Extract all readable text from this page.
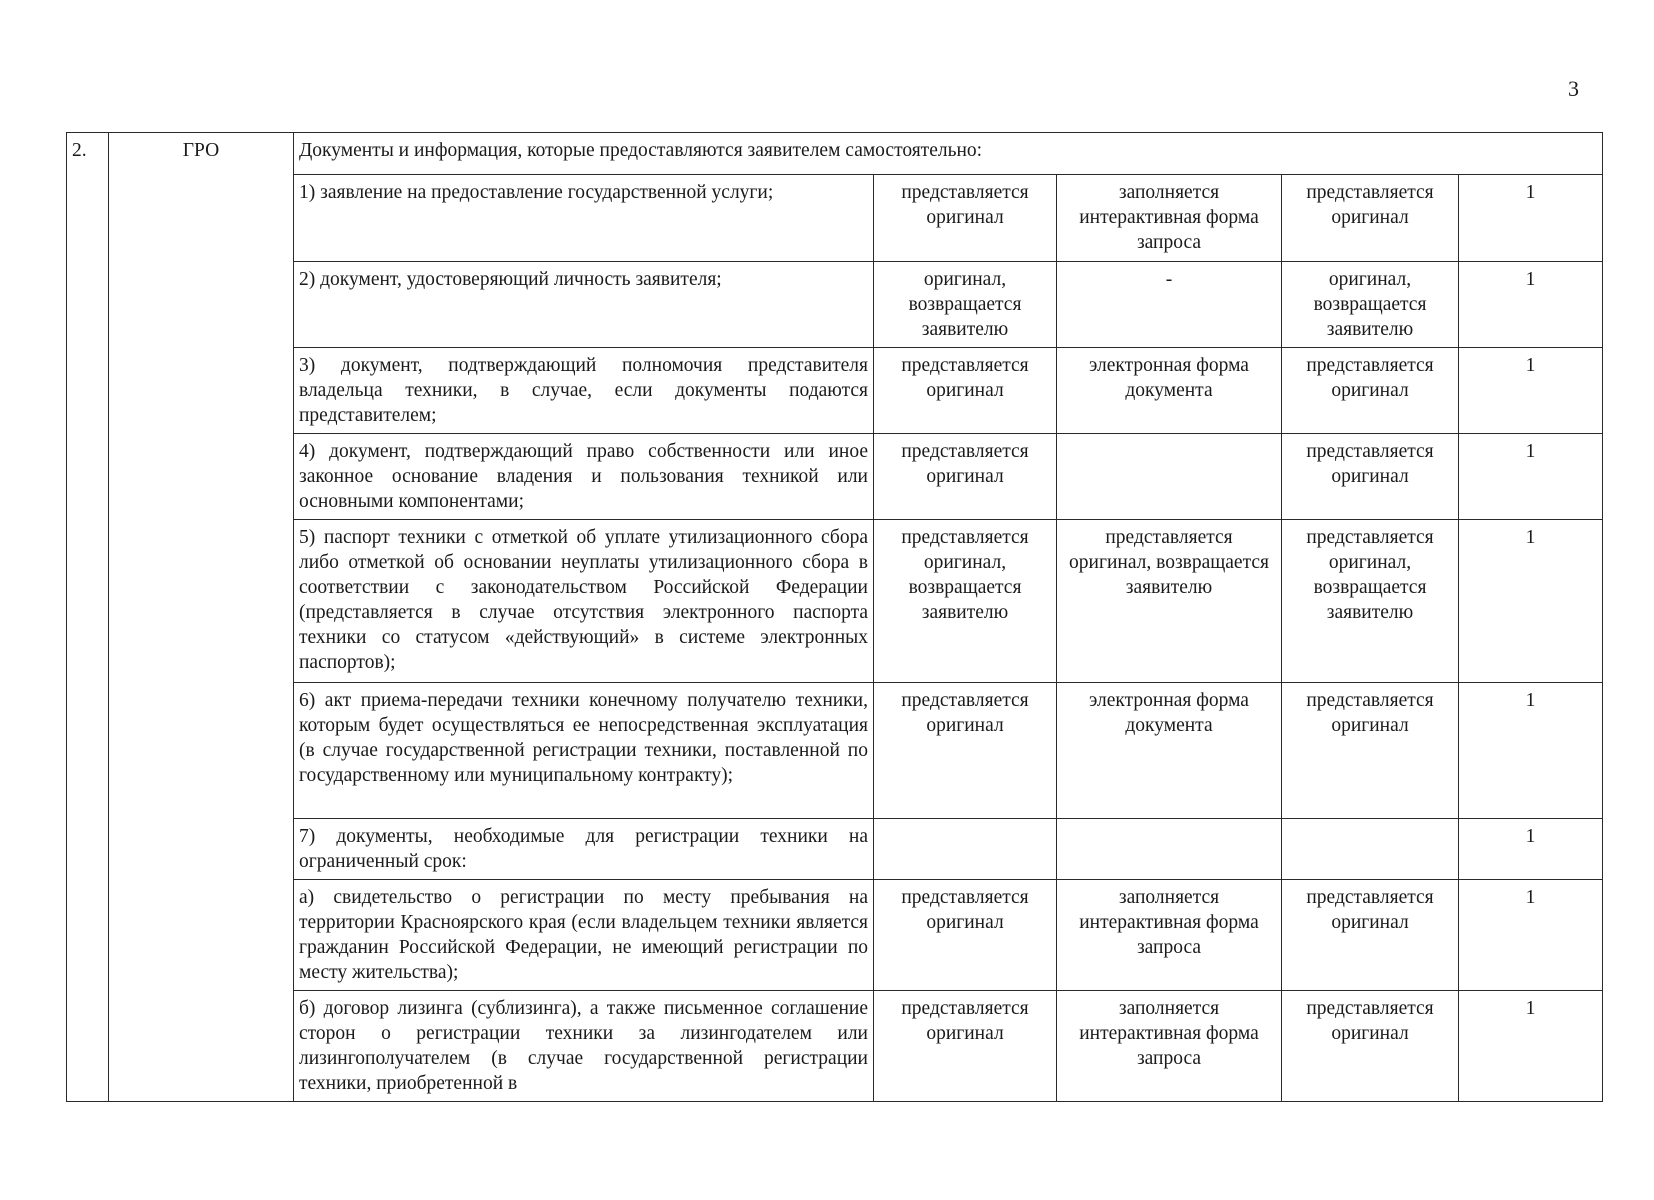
3
2.	ГРО	Документы и информация, которые предоставляются заявителем самостоятельно:				
		1) заявление на предоставление государственной услуги;	представляется оригинал	заполняется интерактивная форма запроса	представляется оригинал	1
		2) документ, удостоверяющий личность заявителя;	оригинал, возвращается заявителю	-	оригинал, возвращается заявителю	1
		3) документ, подтверждающий полномочия представителя владельца техники, в случае, если документы подаются представителем;	представляется оригинал	электронная форма документа	представляется оригинал	1
		4) документ, подтверждающий право собственности или иное законное основание владения и пользования техникой или основными компонентами;	представляется оригинал		представляется оригинал	1
		5) паспорт техники с отметкой об уплате утилизационного сбора либо отметкой об основании неуплаты утилизационного сбора в соответствии с законодательством Российской Федерации (представляется в случае отсутствия электронного паспорта техники со статусом «действующий» в системе электронных паспортов);	представляется оригинал, возвращается заявителю	представляется оригинал, возвращается заявителю	представляется оригинал, возвращается заявителю	1
		6) акт приема-передачи техники конечному получателю техники, которым будет осуществляться ее непосредственная эксплуатация (в случае государственной регистрации техники, поставленной по государственному или муниципальному контракту);	представляется оригинал	электронная форма документа	представляется оригинал	1
		7) документы, необходимые для регистрации техники на ограниченный срок:				1
		а) свидетельство о регистрации по месту пребывания на территории Красноярского края (если владельцем техники является гражданин Российской Федерации, не имеющий регистрации по месту жительства);	представляется оригинал	заполняется интерактивная форма запроса	представляется оригинал	1
		б) договор лизинга (сублизинга), а также письменное соглашение сторон о регистрации техники за лизингодателем или лизингополучателем (в случае государственной регистрации техники, приобретенной в	представляется оригинал	заполняется интерактивная форма запроса	представляется оригинал	1
